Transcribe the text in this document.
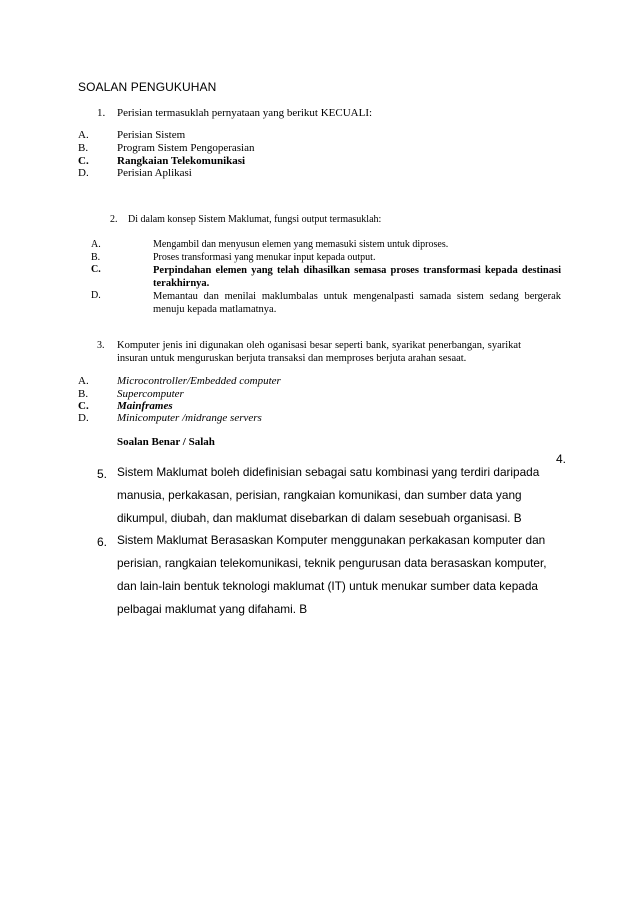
SOALAN PENGUKUHAN
1. Perisian termasuklah pernyataan yang berikut KECUALI:
A.	Perisian Sistem
B.	Program Sistem Pengoperasian
C.	Rangkaian Telekomunikasi
D.	Perisian Aplikasi
2. Di dalam konsep Sistem Maklumat, fungsi output termasuklah:
A.	Mengambil dan menyusun elemen yang memasuki sistem untuk diproses.
B.	Proses transformasi yang menukar input kepada output.
C.	Perpindahan elemen yang telah dihasilkan semasa proses transformasi kepada destinasi terakhirnya.
D.	Memantau dan menilai maklumbalas untuk mengenalpasti samada sistem sedang bergerak menuju kepada matlamatnya.
3. Komputer jenis ini digunakan oleh oganisasi besar seperti bank, syarikat penerbangan, syarikat insuran untuk menguruskan berjuta transaksi dan memproses berjuta arahan sesaat.
A.	Microcontroller/Embedded computer
B.	Supercomputer
C.	Mainframes
D.	Minicomputer /midrange servers
Soalan Benar / Salah
4.
5. Sistem Maklumat boleh didefinisian sebagai satu kombinasi yang terdiri daripada manusia, perkakasan, perisian, rangkaian komunikasi, dan sumber data yang dikumpul, diubah, dan maklumat disebarkan di dalam sesebuah organisasi. B
6. Sistem Maklumat Berasaskan Komputer menggunakan perkakasan komputer dan perisian, rangkaian telekomunikasi, teknik pengurusan data berasaskan komputer, dan lain-lain bentuk teknologi maklumat (IT) untuk menukar sumber data kepada pelbagai maklumat yang difahami. B
